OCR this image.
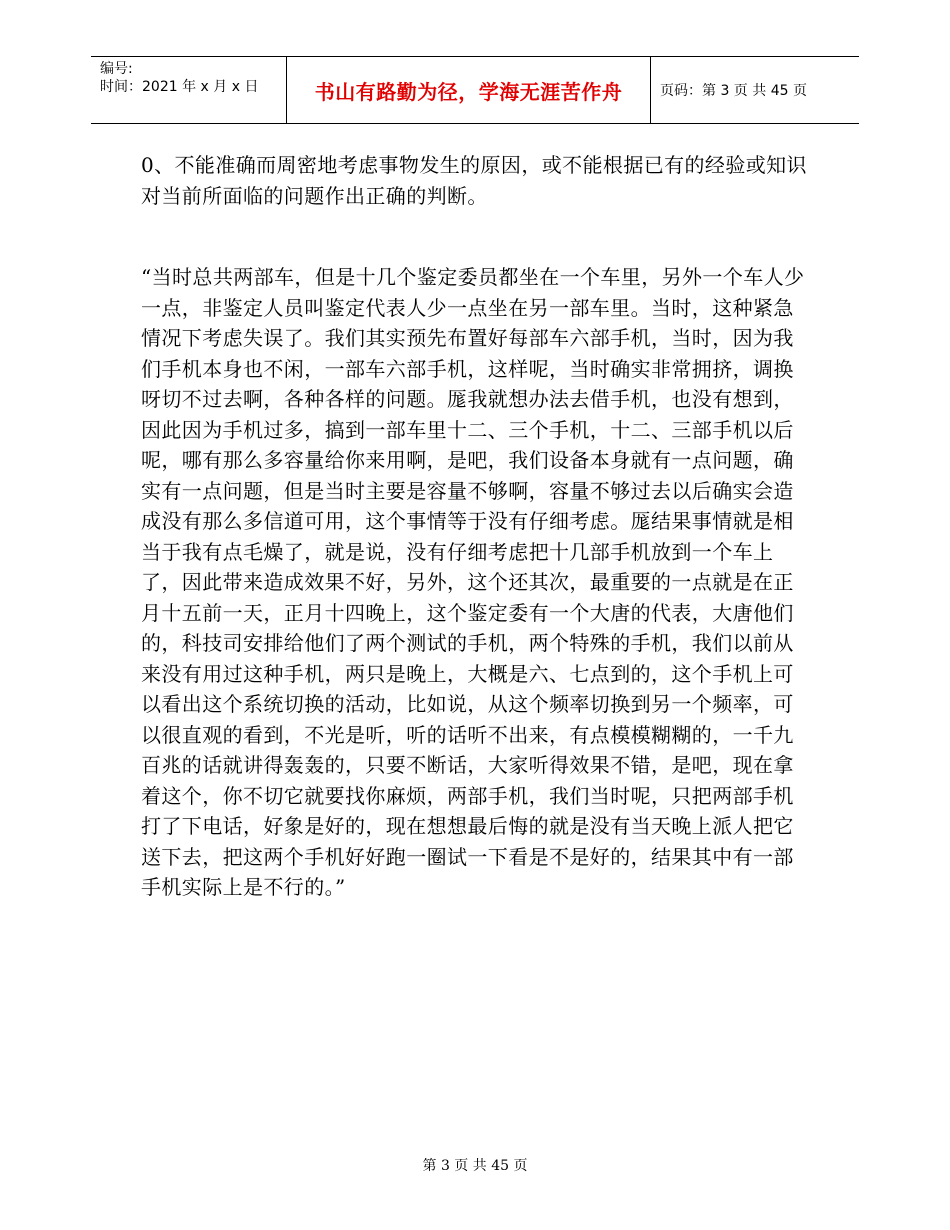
编号:
时间：2021 年 x 月 x 日	书山有路勤为径，学海无涯苦作舟	页码：第 3 页 共 45 页

0、不能准确而周密地考虑事物发生的原因，或不能根据已有的经验或知识对当前所面临的问题作出正确的判断。

“当时总共两部车，但是十几个鉴定委员都坐在一个车里，另外一个车人少一点，非鉴定人员叫鉴定代表人少一点坐在另一部车里。当时，这种紧急情况下考虑失误了。我们其实预先布置好每部车六部手机，当时，因为我们手机本身也不闲，一部车六部手机，这样呢，当时确实非常拥挤，调换呀切不过去啊，各种各样的问题。厖我就想办法去借手机，也没有想到，因此因为手机过多，搞到一部车里十二、三个手机，十二、三部手机以后呢，哪有那么多容量给你来用啊，是吧，我们设备本身就有一点问题，确实有一点问题，但是当时主要是容量不够啊，容量不够过去以后确实会造成没有那么多信道可用，这个事情等于没有仔细考虑。厖结果事情就是相当于我有点毛燥了，就是说，没有仔细考虑把十几部手机放到一个车上了，因此带来造成效果不好，另外，这个还其次，最重要的一点就是在正月十五前一天，正月十四晚上，这个鉴定委有一个大唐的代表，大唐他们的，科技司安排给他们了两个测试的手机，两个特殊的手机，我们以前从来没有用过这种手机，两只是晚上，大概是六、七点到的，这个手机上可以看出这个系统切换的活动，比如说，从这个频率切换到另一个频率，可以很直观的看到，不光是听，听的话听不出来，有点模模糊糊的，一千九百兆的话就讲得轰轰的，只要不断话，大家听得效果不错，是吧，现在拿着这个，你不切它就要找你麻烦，两部手机，我们当时呢，只把两部手机打了下电话，好象是好的，现在想想最后悔的就是没有当天晚上派人把它送下去，把这两个手机好好跑一圈试一下看是不是好的，结果其中有一部手机实际上是不行的。”

第 3 页 共 45 页
